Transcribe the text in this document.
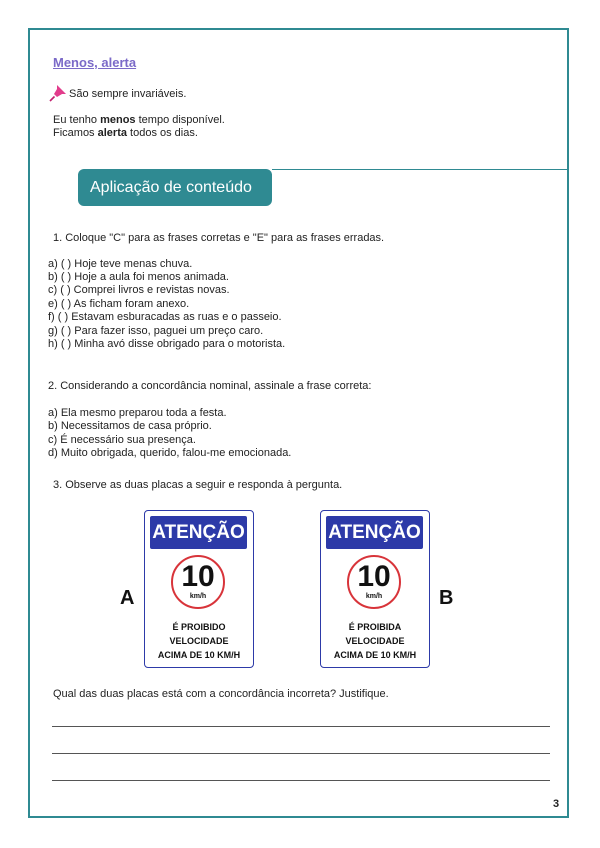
Menos, alerta
São sempre invariáveis.
Eu tenho menos tempo disponível.
Ficamos alerta todos os dias.
Aplicação de conteúdo
1. Coloque "C" para as frases corretas e "E" para as frases erradas.
a) ( ) Hoje teve menas chuva.
b) ( ) Hoje a aula foi menos animada.
c) ( ) Comprei livros e revistas novas.
e) ( ) As ficham foram anexo.
f) ( ) Estavam esburacadas as ruas e o passeio.
g) ( ) Para fazer isso, paguei um preço caro.
h) ( ) Minha avó disse obrigado para o motorista.
2. Considerando a concordância nominal, assinale a frase correta:
a) Ela mesmo preparou toda a festa.
b) Necessitamos de casa próprio.
c) É necessário sua presença.
d) Muito obrigada, querido, falou-me emocionada.
3. Observe as duas placas a seguir e responda à pergunta.
A
ATENÇÃO
10
km/h
É PROIBIDO
VELOCIDADE
ACIMA DE 10 KM/H
ATENÇÃO
10
km/h
É PROIBIDA
VELOCIDADE
ACIMA DE 10 KM/H
B
Qual das duas placas está com a concordância incorreta? Justifique.
3
